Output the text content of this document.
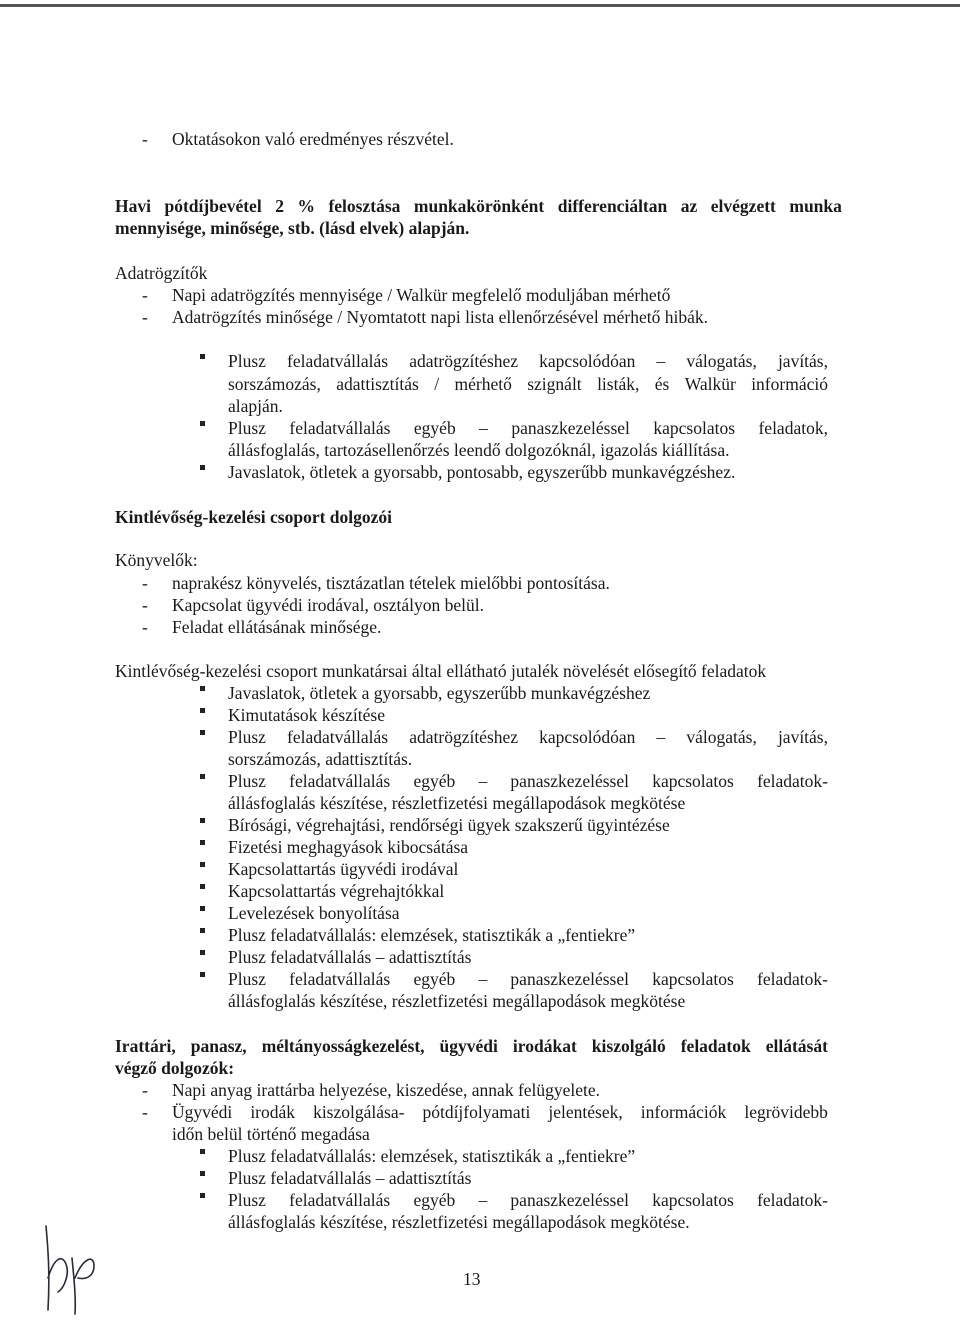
- Oktatásokon való eredményes részvétel.
Havi pótdíjbevétel 2 % felosztása munkakörönként differenciáltan az elvégzett munka
mennyisége, minősége, stb. (lásd elvek) alapján.
Adatrögzítők
- Napi adatrögzítés mennyisége / Walkür megfelelő moduljában mérhető
- Adatrögzítés minősége / Nyomtatott napi lista ellenőrzésével mérhető hibák.
Plusz feladatvállalás adatrögzítéshez kapcsolódóan – válogatás, javítás,
sorszámozás, adattisztítás / mérhető szignált listák, és Walkür információ
alapján.
Plusz feladatvállalás egyéb – panaszkezeléssel kapcsolatos feladatok,
állásfoglalás, tartozásellenőrzés leendő dolgozóknál, igazolás kiállítása.
Javaslatok, ötletek a gyorsabb, pontosabb, egyszerűbb munkavégzéshez.
Kintlévőség-kezelési csoport dolgozói
Könyvelők:
- naprakész könyvelés, tisztázatlan tételek mielőbbi pontosítása.
- Kapcsolat ügyvédi irodával, osztályon belül.
- Feladat ellátásának minősége.
Kintlévőség-kezelési csoport munkatársai által ellátható jutalék növelését elősegítő feladatok
Javaslatok, ötletek a gyorsabb, egyszerűbb munkavégzéshez
Kimutatások készítése
Plusz feladatvállalás adatrögzítéshez kapcsolódóan – válogatás, javítás,
sorszámozás, adattisztítás.
Plusz feladatvállalás egyéb – panaszkezeléssel kapcsolatos feladatok-
állásfoglalás készítése, részletfizetési megállapodások megkötése
Bírósági, végrehajtási, rendőrségi ügyek szakszerű ügyintézése
Fizetési meghagyások kibocsátása
Kapcsolattartás ügyvédi irodával
Kapcsolattartás végrehajtókkal
Levelezések bonyolítása
Plusz feladatvállalás: elemzések, statisztikák a „fentiekre”
Plusz feladatvállalás – adattisztítás
Plusz feladatvállalás egyéb – panaszkezeléssel kapcsolatos feladatok-
állásfoglalás készítése, részletfizetési megállapodások megkötése
Irattári, panasz, méltányosságkezelést, ügyvédi irodákat kiszolgáló feladatok ellátását
végző dolgozók:
- Napi anyag irattárba helyezése, kiszedése, annak felügyelete.
- Ügyvédi irodák kiszolgálása- pótdíjfolyamati jelentések, információk legrövidebb
időn belül történő megadása
Plusz feladatvállalás: elemzések, statisztikák a „fentiekre”
Plusz feladatvállalás – adattisztítás
Plusz feladatvállalás egyéb – panaszkezeléssel kapcsolatos feladatok-
állásfoglalás készítése, részletfizetési megállapodások megkötése.
13
